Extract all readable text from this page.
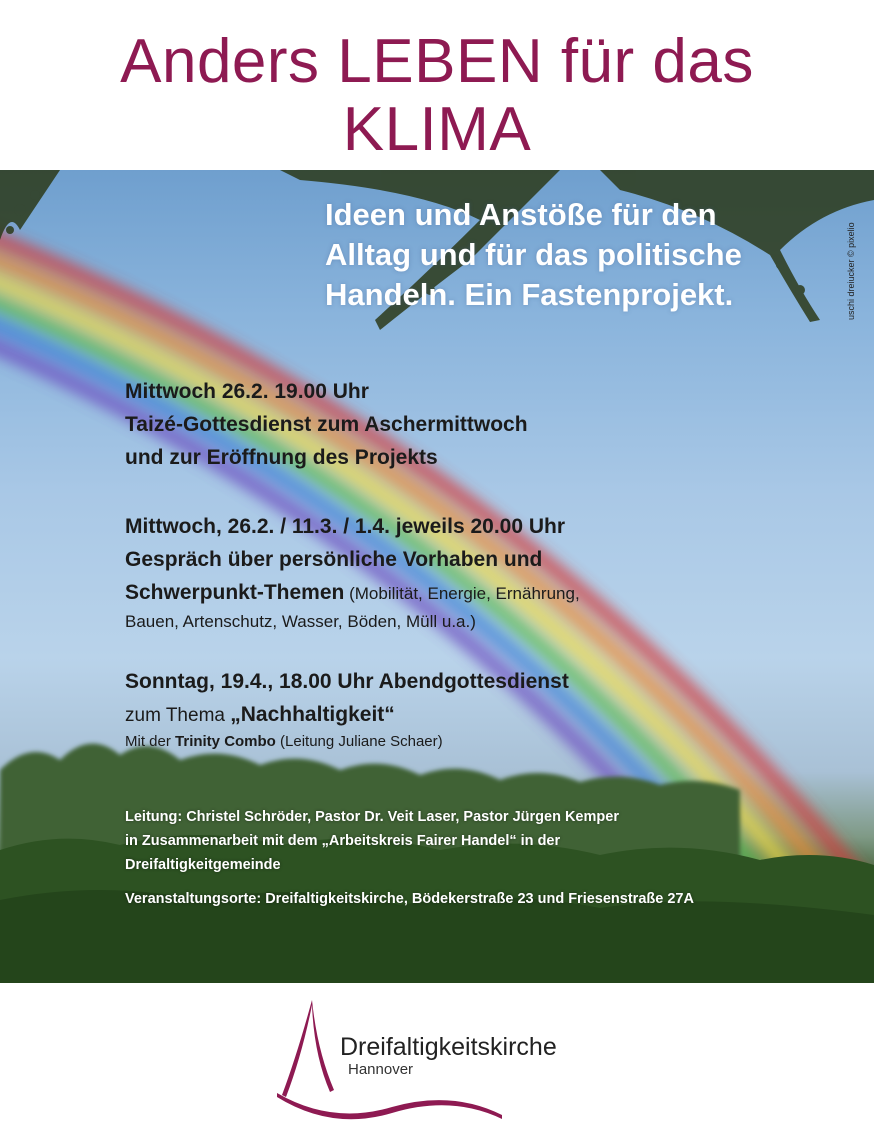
Anders LEBEN für das
KLIMA
uschi dreiucker © pixelio
Ideen und Anstöße für den Alltag und für das politische Handeln. Ein Fastenprojekt.
Mittwoch 26.2. 19.00 Uhr
Taizé-Gottesdienst zum Aschermittwoch
und zur Eröffnung des Projekts
Mittwoch, 26.2. / 11.3. / 1.4. jeweils 20.00 Uhr
Gespräch über persönliche Vorhaben und
Schwerpunkt-Themen (Mobilität, Energie, Ernährung,
Bauen, Artenschutz, Wasser, Böden, Müll u.a.)
Sonntag, 19.4., 18.00 Uhr Abendgottesdienst
zum Thema „Nachhaltigkeit“
Mit der Trinity Combo (Leitung Juliane Schaer)
Leitung: Christel Schröder, Pastor Dr. Veit Laser, Pastor Jürgen Kemper
in Zusammenarbeit mit dem „Arbeitskreis Fairer Handel“ in der
Dreifaltigkeitgemeinde
Veranstaltungsorte: Dreifaltigkeitskirche, Bödekerstraße 23 und Friesenstraße 27A
Dreifaltigkeitskirche
Hannover
